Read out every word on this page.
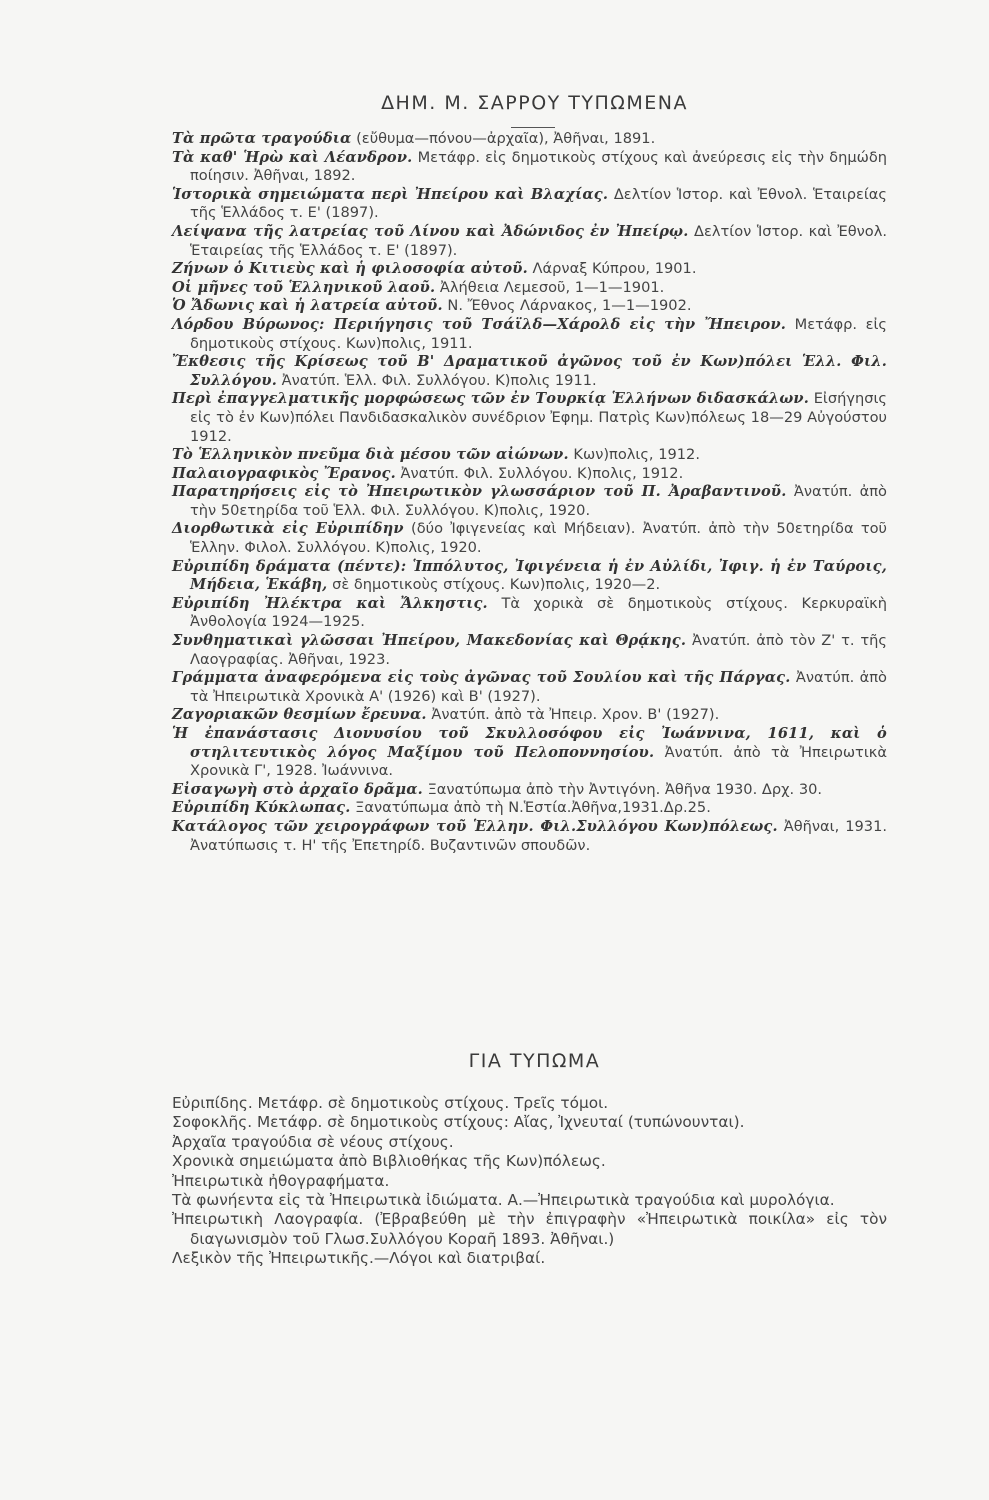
ΔΗΜ. Μ. ΣΑΡΡΟΥ ΤΥΠΩΜΕΝΑ
Τὰ πρῶτα τραγούδια (εὔθυμα—πόνου—ἀρχαῖα), Ἀθῆναι, 1891.
Τὰ καθ' Ἡρὼ καὶ Λέανδρον. Μετάφρ. εἰς δημοτικοὺς στίχους καὶ ἀνεύρεσις εἰς τὴν δημώδη ποίησιν. Ἀθῆναι, 1892.
Ἱστορικὰ σημειώματα περὶ Ἠπείρου καὶ Βλαχίας. Δελτίον Ἱστορ. καὶ Ἐθνολ. Ἑταιρείας τῆς Ἑλλάδος τ. Ε' (1897).
Λείψανα τῆς λατρείας τοῦ Λίνου καὶ Ἀδώνιδος ἐν Ἠπείρῳ. Δελτίον Ἱστορ. καὶ Ἐθνολ. Ἑταιρείας τῆς Ἑλλάδος τ. Ε' (1897).
Ζήνων ὁ Κιτιεὺς καὶ ἡ φιλοσοφία αὐτοῦ. Λάρναξ Κύπρου, 1901.
Οἱ μῆνες τοῦ Ἑλληνικοῦ λαοῦ. Ἀλήθεια Λεμεσοῦ, 1—1—1901.
Ὁ Ἄδωνις καὶ ἡ λατρεία αὐτοῦ. Ν. Ἔθνος Λάρνακος, 1—1—1902.
Λόρδου Βύρωνος: Περιήγησις τοῦ Τσάϊλδ—Χάρολδ εἰς τὴν Ἤπειρον. Μετάφρ. εἰς δημοτικοὺς στίχους. Κων)πολις, 1911.
Ἔκθεσις τῆς Κρίσεως τοῦ Β' Δραματικοῦ ἀγῶνος τοῦ ἐν Κων)πόλει Ἑλλ. Φιλ. Συλλόγου. Ἀνατύπ. Ἑλλ. Φιλ. Συλλόγου. Κ)πολις 1911.
Περὶ ἐπαγγελματικῆς μορφώσεως τῶν ἐν Τουρκίᾳ Ἑλλήνων διδασκάλων. Εἰσήγησις εἰς τὸ ἐν Κων)πόλει Πανδιδασκαλικὸν συνέδριον Ἐφημ. Πατρὶς Κων)πόλεως 18—29 Αὐγούστου 1912.
Τὸ Ἑλληνικὸν πνεῦμα διὰ μέσου τῶν αἰώνων. Κων)πολις, 1912.
Παλαιογραφικὸς Ἔρανος. Ἀνατύπ. Φιλ. Συλλόγου. Κ)πολις, 1912.
Παρατηρήσεις εἰς τὸ Ἠπειρωτικὸν γλωσσάριον τοῦ Π. Ἀραβαντινοῦ. Ἀνατύπ. ἀπὸ τὴν 50ετηρίδα τοῦ Ἑλλ. Φιλ. Συλλόγου. Κ)πολις, 1920.
Διορθωτικὰ εἰς Εὐριπίδην (δύο Ἰφιγενείας καὶ Μήδειαν). Ἀνατύπ. ἀπὸ τὴν 50ετηρίδα τοῦ Ἑλλην. Φιλολ. Συλλόγου. Κ)πολις, 1920.
Εὐριπίδη δράματα (πέντε): Ἱππόλυτος, Ἰφιγένεια ἡ ἐν Αὐλίδι, Ἰφιγ. ἡ ἐν Ταύροις, Μήδεια, Ἑκάβη, σὲ δημοτικοὺς στίχους. Κων)πολις, 1920—2.
Εὐριπίδη Ἠλέκτρα καὶ Ἄλκηστις. Τὰ χορικὰ σὲ δημοτικοὺς στίχους. Κερκυραϊκὴ Ἀνθολογία 1924—1925.
Συνθηματικαὶ γλῶσσαι Ἠπείρου, Μακεδονίας καὶ Θρᾴκης. Ἀνατύπ. ἀπὸ τὸν Ζ' τ. τῆς Λαογραφίας. Ἀθῆναι, 1923.
Γράμματα ἀναφερόμενα εἰς τοὺς ἀγῶνας τοῦ Σουλίου καὶ τῆς Πάργας. Ἀνατύπ. ἀπὸ τὰ Ἠπειρωτικὰ Χρονικὰ Α' (1926) καὶ Β' (1927).
Ζαγοριακῶν θεσμίων ἔρευνα. Ἀνατύπ. ἀπὸ τὰ Ἠπειρ. Χρον. Β' (1927).
Ἡ ἐπανάστασις Διονυσίου τοῦ Σκυλλοσόφου εἰς Ἰωάννινα, 1611, καὶ ὁ στηλιτευτικὸς λόγος Μαξίμου τοῦ Πελοποννησίου. Ἀνατύπ. ἀπὸ τὰ Ἠπειρωτικὰ Χρονικὰ Γ', 1928. Ἰωάννινα.
Εἰσαγωγὴ στὸ ἀρχαῖο δρᾶμα. Ξανατύπωμα ἀπὸ τὴν Ἀντιγόνη. Ἀθῆνα 1930. Δρχ. 30.
Εὐριπίδη Κύκλωπας. Ξανατύπωμα ἀπὸ τὴ Ν.Ἑστία.Ἀθῆνα,1931.Δρ.25.
Κατάλογος τῶν χειρογράφων τοῦ Ἑλλην. Φιλ.Συλλόγου Κων)πόλεως. Ἀθῆναι, 1931. Ἀνατύπωσις τ. Η' τῆς Ἐπετηρίδ. Βυζαντινῶν σπουδῶν.
ΓΙΑ ΤΥΠΩΜΑ
Εὐριπίδης. Μετάφρ. σὲ δημοτικοὺς στίχους. Τρεῖς τόμοι.
Σοφοκλῆς. Μετάφρ. σὲ δημοτικοὺς στίχους: Αἴας, Ἰχνευταί (τυπώνουνται).
Ἀρχαῖα τραγούδια σὲ νέους στίχους.
Χρονικὰ σημειώματα ἀπὸ Βιβλιοθήκας τῆς Κων)πόλεως.
Ἠπειρωτικὰ ἠθογραφήματα.
Τὰ φωνήεντα εἰς τὰ Ἠπειρωτικὰ ἰδιώματα. Α.—Ἠπειρωτικὰ τραγούδια καὶ μυρολόγια.
Ἠπειρωτικὴ Λαογραφία. (Ἐβραβεύθη μὲ τὴν ἐπιγραφὴν «Ἠπειρωτικὰ ποικίλα» εἰς τὸν διαγωνισμὸν τοῦ Γλωσ.Συλλόγου Κοραῆ 1893. Ἀθῆναι.)
Λεξικὸν τῆς Ἠπειρωτικῆς.—Λόγοι καὶ διατριβαί.
